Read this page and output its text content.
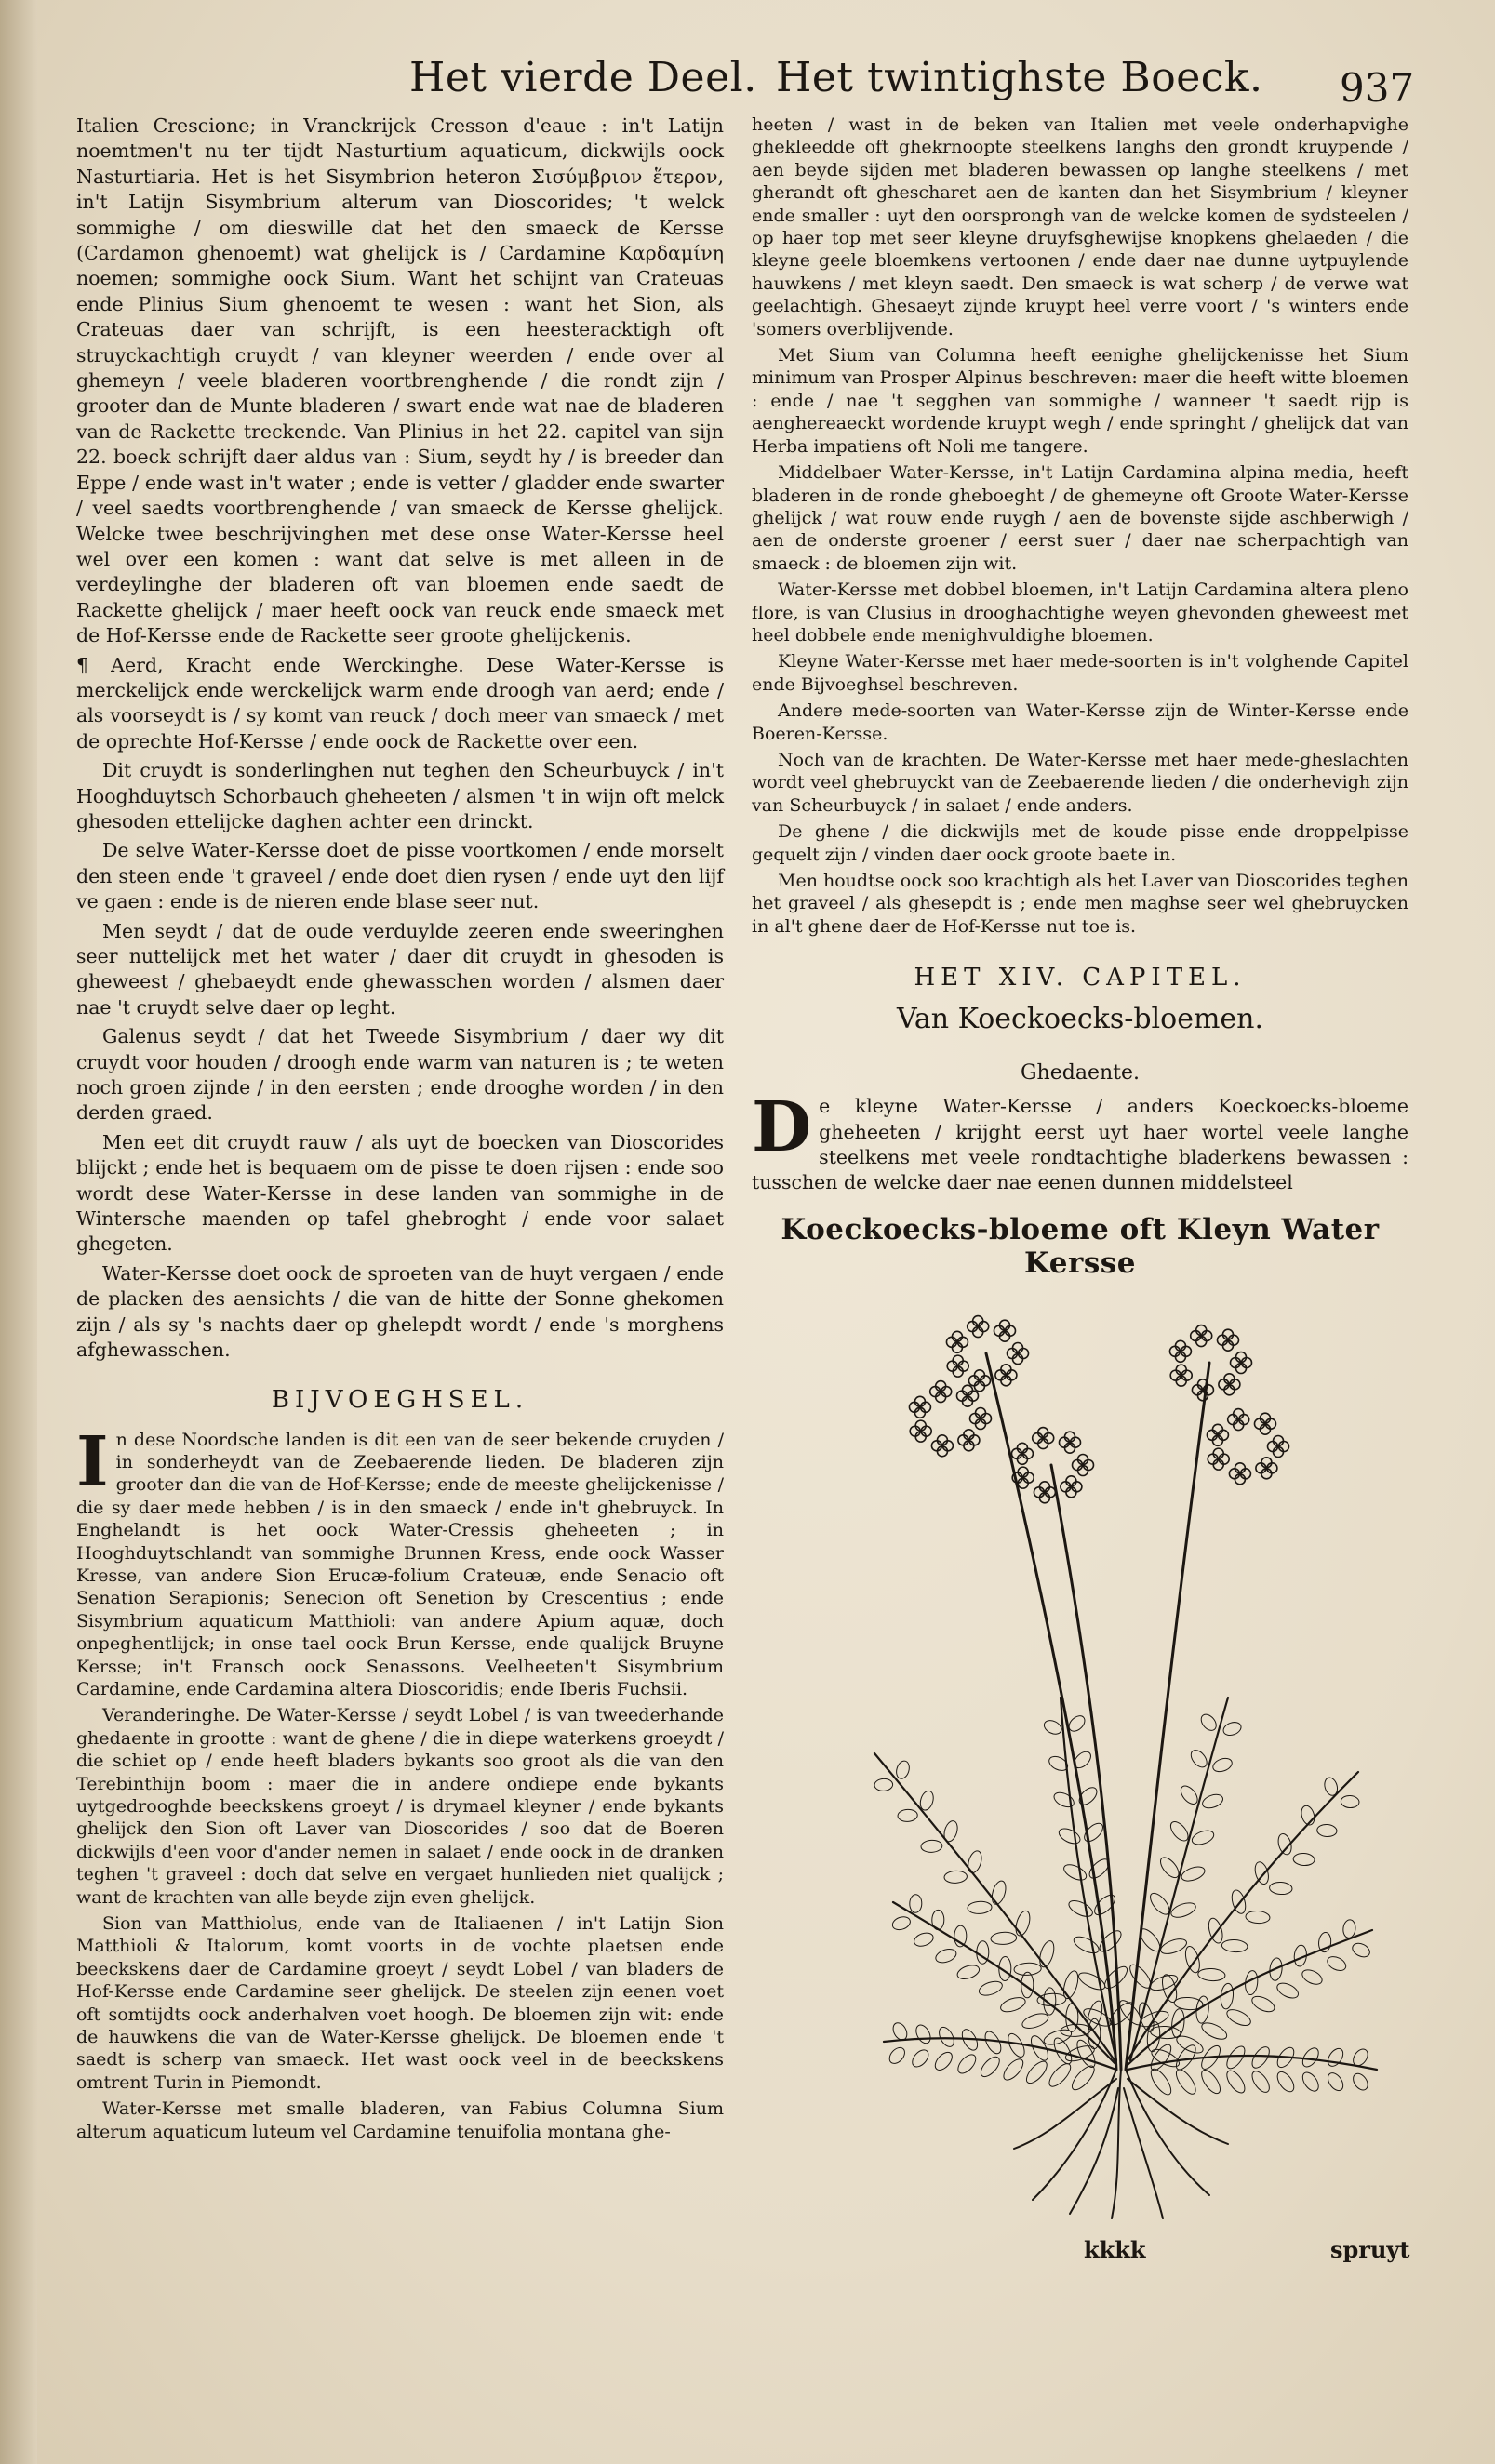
Het vierde Deel. Het twintighste Boeck. 937

Italien Crescione; in Vranckrijck Cresson d'eaue : in't Latijn noemtmen't nu ter tijdt Nasturtium aquaticum, dickwijls oock Nasturtiaria. Het is het Sisymbrion heteron Σισύμβριον ἕτερον, in't Latijn Sisymbrium alterum van Dioscorides; 't welck sommighe / om dieswille dat het den smaeck de Kersse (Cardamon ghenoemt) wat ghelijck is / Cardamine Καρδαμίνη noemen; sommighe oock Sium. Want het schijnt van Crateuas ende Plinius Sium ghenoemt te wesen : want het Sion, als Crateuas daer van schrijft, is een heesteracktigh oft struyckachtigh cruydt / van kleyner weerden / ende over al ghemeyn / veele bladeren voortbrenghende / die rondt zijn / grooter dan de Munte bladeren / swart ende wat nae de bladeren van de Rackette treckende. Van Plinius in het 22. capitel van sijn 22. boeck schrijft daer aldus van : Sium, seydt hy / is breeder dan Eppe / ende wast in't water ; ende is vetter / gladder ende swarter / veel saedts voortbrenghende / van smaeck de Kersse ghelijck. Welcke twee beschrijvinghen met dese onse Water-Kersse heel wel over een komen : want dat selve is met alleen in de verdeylinghe der bladeren oft van bloemen ende saedt de Rackette ghelijck / maer heeft oock van reuck ende smaeck met de Hof-Kersse ende de Rackette seer groote ghelijckenis.

¶ Aerd, Kracht ende Werckinghe. Dese Water-Kersse is merckelijck ende werckelijck warm ende droogh van aerd; ende / als voorseydt is / sy komt van reuck / doch meer van smaeck / met de oprechte Hof-Kersse / ende oock de Rackette over een.

Dit cruydt is sonderlinghen nut teghen den Scheurbuyck / in't Hooghduytsch Schorbauch gheheeten / alsmen 't in wijn oft melck ghesoden ettelijcke daghen achter een drinckt.

De selve Water-Kersse doet de pisse voortkomen / ende morselt den steen ende 't graveel / ende doet dien rysen / ende uyt den lijf ve gaen : ende is de nieren ende blase seer nut.

Men seydt / dat de oude verduylde zeeren ende sweeringhen seer nuttelijck met het water / daer dit cruydt in ghesoden is gheweest / ghebaeydt ende ghewasschen worden / alsmen daer nae 't cruydt selve daer op leght.

Galenus seydt / dat het Tweede Sisymbrium / daer wy dit cruydt voor houden / droogh ende warm van naturen is ; te weten noch groen zijnde / in den eersten ; ende drooghe worden / in den derden graed.

Men eet dit cruydt rauw / als uyt de boecken van Dioscorides blijckt ; ende het is bequaem om de pisse te doen rijsen : ende soo wordt dese Water-Kersse in dese landen van sommighe in de Wintersche maenden op tafel ghebroght / ende voor salaet ghegeten.

Water-Kersse doet oock de sproeten van de huyt vergaen / ende de placken des aensichts / die van de hitte der Sonne ghekomen zijn / als sy 's nachts daer op ghelepdt wordt / ende 's morghens afghewasschen.

BIJVOEGHSEL.

In dese Noordsche landen is dit een van de seer bekende cruyden / in sonderheydt van de Zeebaerende lieden. De bladeren zijn grooter dan die van de Hof-Kersse; ende de meeste ghelijckenisse / die sy daer mede hebben / is in den smaeck / ende in't ghebruyck. In Enghelandt is het oock Water-Cressis gheheeten ; in Hooghduytschlandt van sommighe Brunnen Kress, ende oock Wasser Kresse, van andere Sion Erucæ-folium Crateuæ, ende Senacio oft Senation Serapionis; Senecion oft Senetion by Crescentius ; ende Sisymbrium aquaticum Matthioli: van andere Apium aquæ, doch onpeghentlijck; in onse tael oock Brun Kersse, ende qualijck Bruyne Kersse; in't Fransch oock Senassons. Veelheeten't Sisymbrium Cardamine, ende Cardamina altera Dioscoridis; ende Iberis Fuchsii.

Veranderinghe. De Water-Kersse / seydt Lobel / is van tweederhande ghedaente in grootte : want de ghene / die in diepe waterkens groeydt / die schiet op / ende heeft bladers bykants soo groot als die van den Terebinthijn boom : maer die in andere ondiepe ende bykants uytgedrooghde beeckskens groeyt / is drymael kleyner / ende bykants ghelijck den Sion oft Laver van Dioscorides / soo dat de Boeren dickwijls d'een voor d'ander nemen in salaet / ende oock in de dranken teghen 't graveel : doch dat selve en vergaet hunlieden niet qualijck ; want de krachten van alle beyde zijn even ghelijck.

Sion van Matthiolus, ende van de Italiaenen / in't Latijn Sion Matthioli & Italorum, komt voorts in de vochte plaetsen ende beeckskens daer de Cardamine groeyt / seydt Lobel / van bladers de Hof-Kersse ende Cardamine seer ghelijck. De steelen zijn eenen voet oft somtijdts oock anderhalven voet hoogh. De bloemen zijn wit: ende de hauwkens die van de Water-Kersse ghelijck. De bloemen ende 't saedt is scherp van smaeck. Het wast oock veel in de beeckskens omtrent Turin in Piemondt.

Water-Kersse met smalle bladeren, van Fabius Columna Sium alterum aquaticum luteum vel Cardamine tenuifolia montana ghe-

heeten / wast in de beken van Italien met veele onderhapvighe ghekleedde oft ghekrnoopte steelkens langhs den grondt kruypende / aen beyde sijden met bladeren bewassen op langhe steelkens / met gherandt oft ghescharet aen de kanten dan het Sisymbrium / kleyner ende smaller : uyt den oorsprongh van de welcke komen de sydsteelen / op haer top met seer kleyne druyfsghewijse knopkens ghelaeden / die kleyne geele bloemkens vertoonen / ende daer nae dunne uytpuylende hauwkens / met kleyn saedt. Den smaeck is wat scherp / de verwe wat geelachtigh. Ghesaeyt zijnde kruypt heel verre voort / 's winters ende 'somers overblijvende.

Met Sium van Columna heeft eenighe ghelijckenisse het Sium minimum van Prosper Alpinus beschreven: maer die heeft witte bloemen : ende / nae 't segghen van sommighe / wanneer 't saedt rijp is aenghereaeckt wordende kruypt wegh / ende springht / ghelijck dat van Herba impatiens oft Noli me tangere.

Middelbaer Water-Kersse, in't Latijn Cardamina alpina media, heeft bladeren in de ronde gheboeght / de ghemeyne oft Groote Water-Kersse ghelijck / wat rouw ende ruygh / aen de bovenste sijde aschberwigh / aen de onderste groener / eerst suer / daer nae scherpachtigh van smaeck : de bloemen zijn wit.

Water-Kersse met dobbel bloemen, in't Latijn Cardamina altera pleno flore, is van Clusius in drooghachtighe weyen ghevonden gheweest met heel dobbele ende menighvuldighe bloemen.

Kleyne Water-Kersse met haer mede-soorten is in't volghende Capitel ende Bijvoeghsel beschreven.

Andere mede-soorten van Water-Kersse zijn de Winter-Kersse ende Boeren-Kersse.

Noch van de krachten. De Water-Kersse met haer mede-gheslachten wordt veel ghebruyckt van de Zeebaerende lieden / die onderhevigh zijn van Scheurbuyck / in salaet / ende anders.

De ghene / die dickwijls met de koude pisse ende droppelpisse gequelt zijn / vinden daer oock groote baete in.

Men houdtse oock soo krachtigh als het Laver van Dioscorides teghen het graveel / als ghesepdt is ; ende men maghse seer wel ghebruycken in al't ghene daer de Hof-Kersse nut toe is.

HET XIV. CAPITEL.
Van Koeckoecks-bloemen.
Ghedaente.

De kleyne Water-Kersse / anders Koeckoecks-bloeme gheheeten / krijght eerst uyt haer wortel veele langhe steelkens met veele rondtachtighe bladerkens bewassen : tusschen de welcke daer nae eenen dunnen middelsteel

Koeckoecks-bloeme oft Kleyn Water Kersse
kkkk	spruyt
